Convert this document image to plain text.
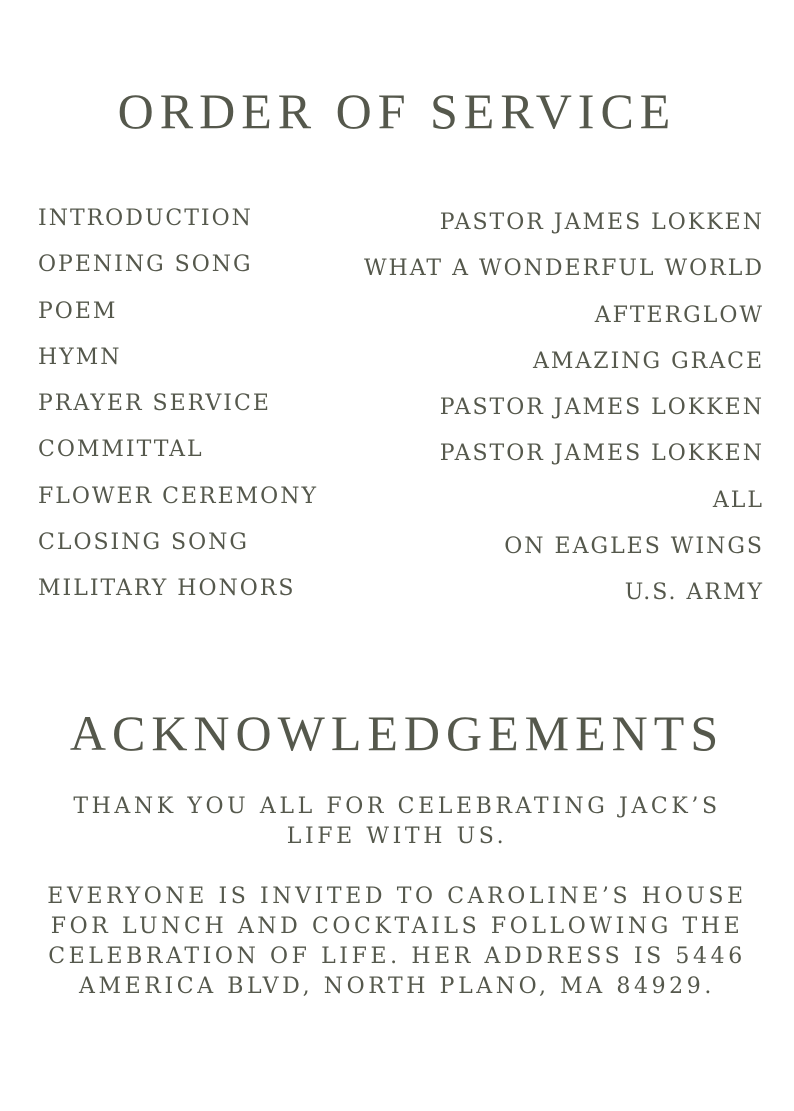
ORDER OF SERVICE
INTRODUCTION	PASTOR JAMES LOKKEN
OPENING SONG	WHAT A WONDERFUL WORLD
POEM	AFTERGLOW
HYMN	AMAZING GRACE
PRAYER SERVICE	PASTOR JAMES LOKKEN
COMMITTAL	PASTOR JAMES LOKKEN
FLOWER CEREMONY	ALL
CLOSING SONG	ON EAGLES WINGS
MILITARY HONORS	U.S. ARMY
ACKNOWLEDGEMENTS

THANK YOU ALL FOR CELEBRATING JACK’S LIFE WITH US.

EVERYONE IS INVITED TO CAROLINE’S HOUSE FOR LUNCH AND COCKTAILS FOLLOWING THE CELEBRATION OF LIFE. HER ADDRESS IS 5446 AMERICA BLVD, NORTH PLANO, MA 84929.
